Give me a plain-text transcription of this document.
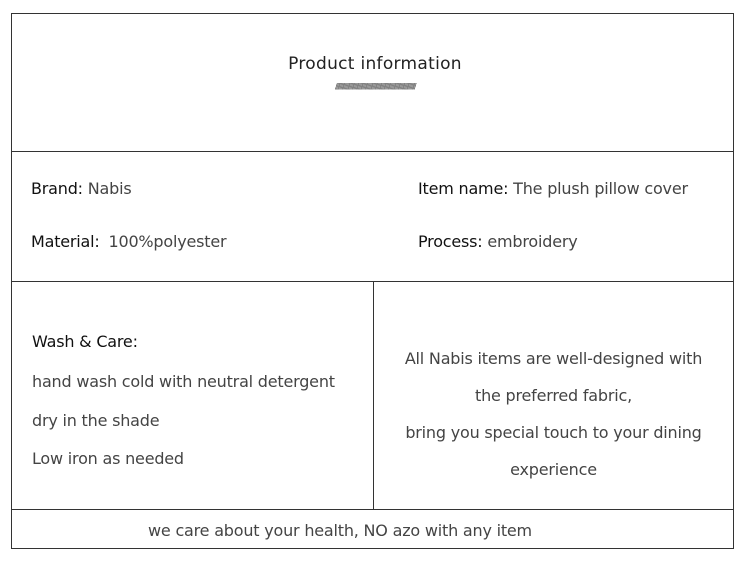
Product information
/////////////////////////////////////////////////////////////////////////
Brand: Nabis	Item name: The plush pillow cover
Material: 100%polyester	Process: embroidery
Wash & Care:
hand wash cold with neutral detergent
dry in the shade
Low iron as needed
All Nabis items are well-designed with
the preferred fabric,
bring you special touch to your dining
experience
we care about your health, NO azo with any item
